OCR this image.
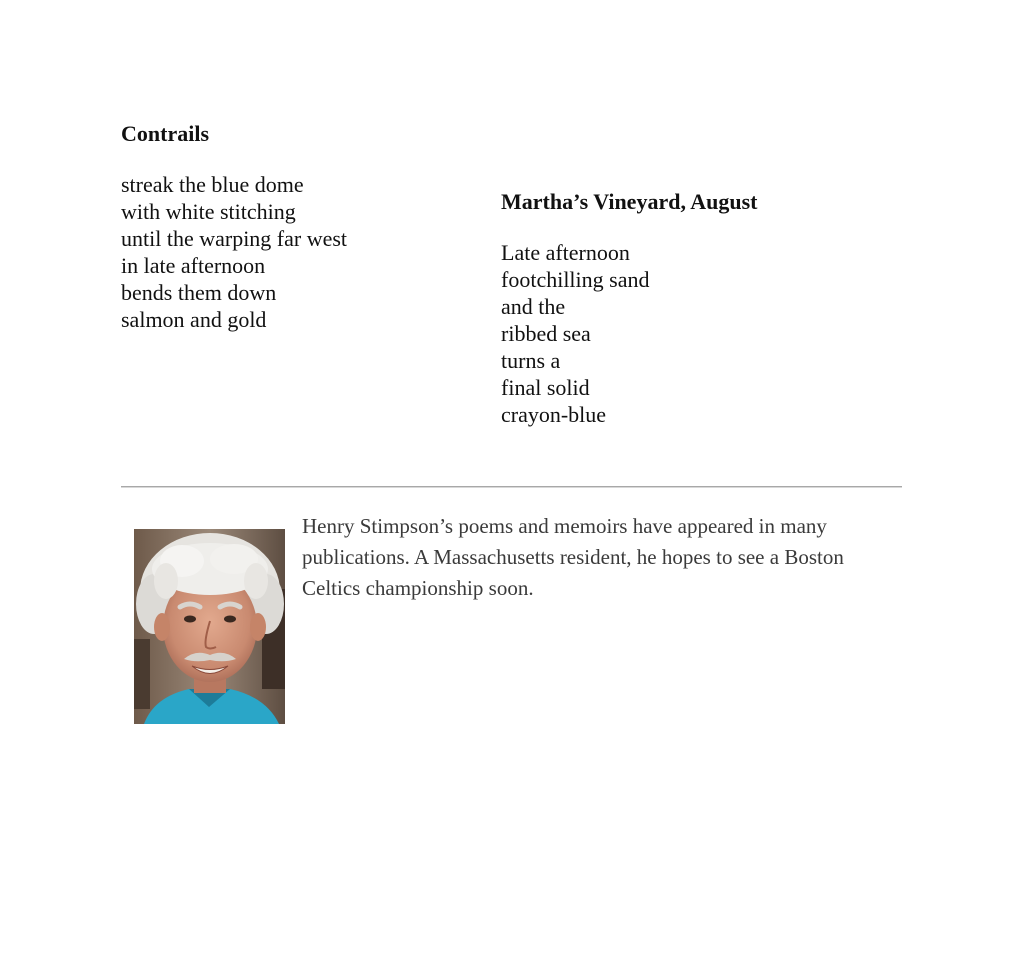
Contrails
streak the blue dome
with white stitching
until the warping far west
in late afternoon
bends them down
salmon and gold
Martha’s Vineyard, August
Late afternoon
footchilling sand
and the
ribbed sea
turns a
final solid
crayon-blue

Henry Stimpson’s poems and memoirs have appeared in many publications. A Massachusetts resident, he hopes to see a Boston Celtics championship soon.
